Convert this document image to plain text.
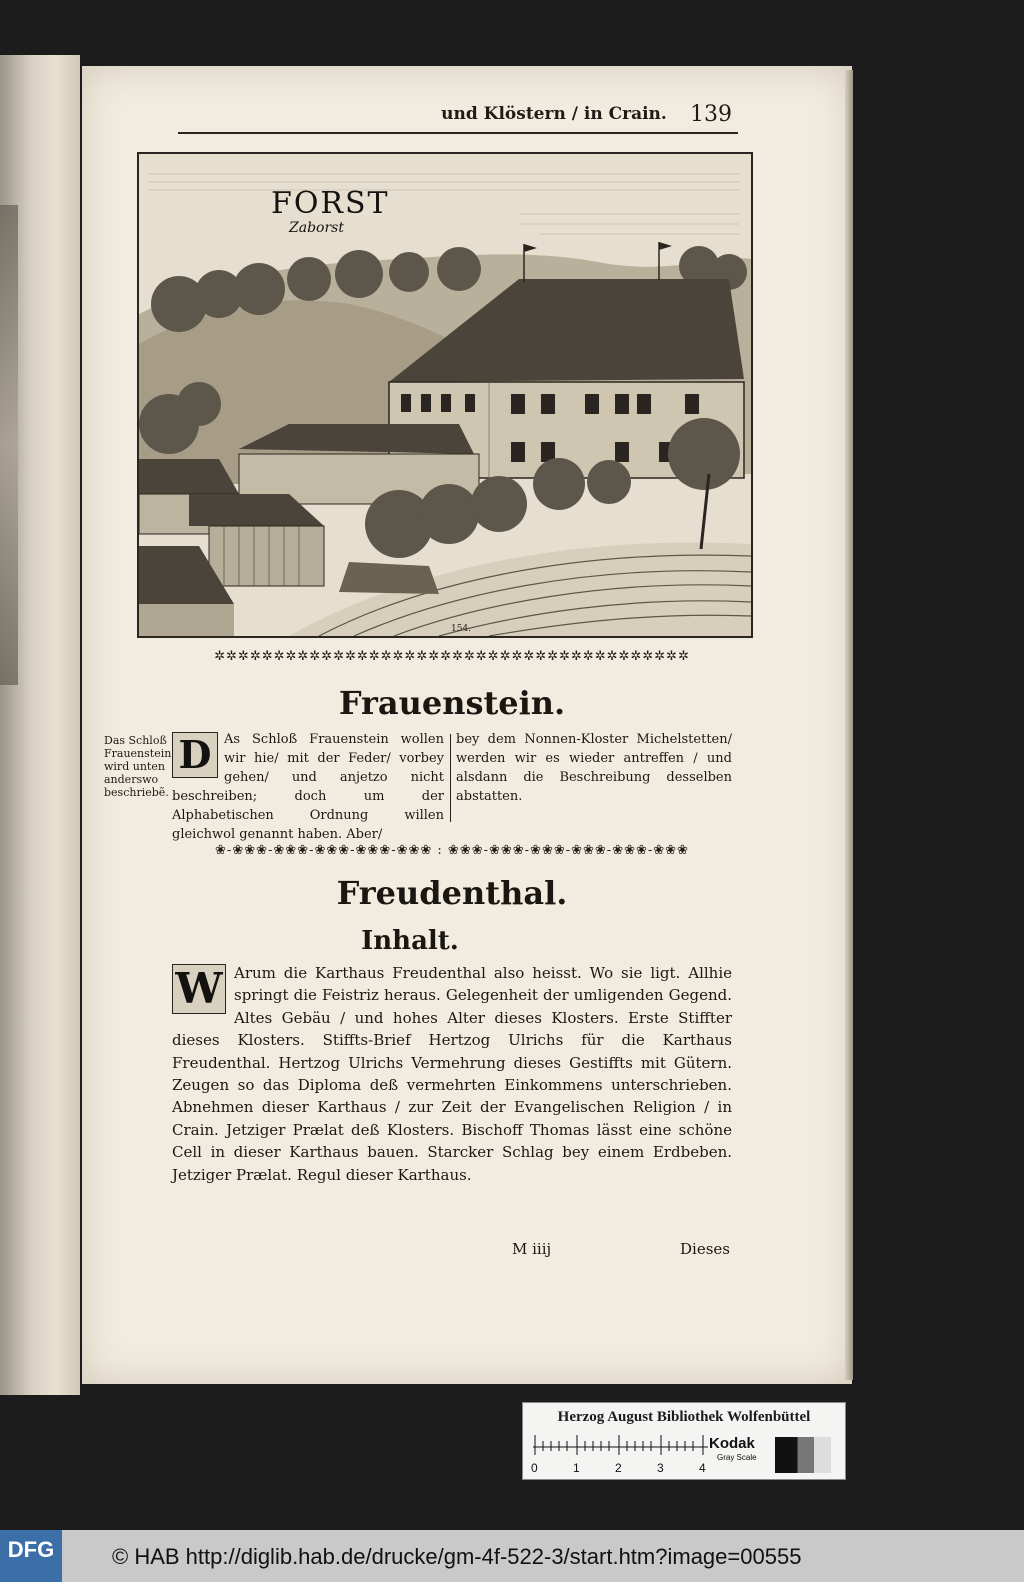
und Klöstern / in Crain.	139
FORST
Zaborst
154.
✲✲✲✲✲✲✲✲✲✲✲✲✲✲✲✲✲✲✲✲✲✲✲✲✲✲✲✲✲✲✲✲✲✲✲✲✲✲✲✲
Frauenstein.
Das Schloß Frauenstein wird unten anderswo beschriebẽ.
D As Schloß Frauenstein wollen wir hie/ mit der Feder/ vorbey gehen/ und anjetzo nicht beschreiben; doch um der Alphabetischen Ordnung willen gleichwol genannt haben. Aber/
bey dem Nonnen-Kloster Michelstetten/ werden wir es wieder antreffen / und alsdann die Beschreibung desselben abstatten.
❀-❀❀❀-❀❀❀-❀❀❀-❀❀❀-❀❀❀ : ❀❀❀-❀❀❀-❀❀❀-❀❀❀-❀❀❀-❀❀❀
Freudenthal.
Inhalt.
W Arum die Karthaus Freudenthal also heisst. Wo sie ligt. Allhie springt die Feistriz heraus. Gelegenheit der umligenden Gegend. Altes Gebäu / und hohes Alter dieses Klosters. Erste Stiffter dieses Klosters. Stiffts-Brief Hertzog Ulrichs für die Karthaus Freudenthal. Hertzog Ulrichs Vermehrung dieses Gestiffts mit Gütern. Zeugen so das Diploma deß vermehrten Einkommens unterschrieben. Abnehmen dieser Karthaus / zur Zeit der Evangelischen Religion / in Crain. Jetziger Prælat deß Klosters. Bischoff Thomas lässt eine schöne Cell in dieser Karthaus bauen. Starcker Schlag bey einem Erdbeben. Jetziger Prælat. Regul dieser Karthaus.
M iiij	Dieses
Herzog August Bibliothek Wolfenbüttel
0	1	2	3	4
Kodak
Gray Scale
DFG	© HAB http://diglib.hab.de/drucke/gm-4f-522-3/start.htm?image=00555
